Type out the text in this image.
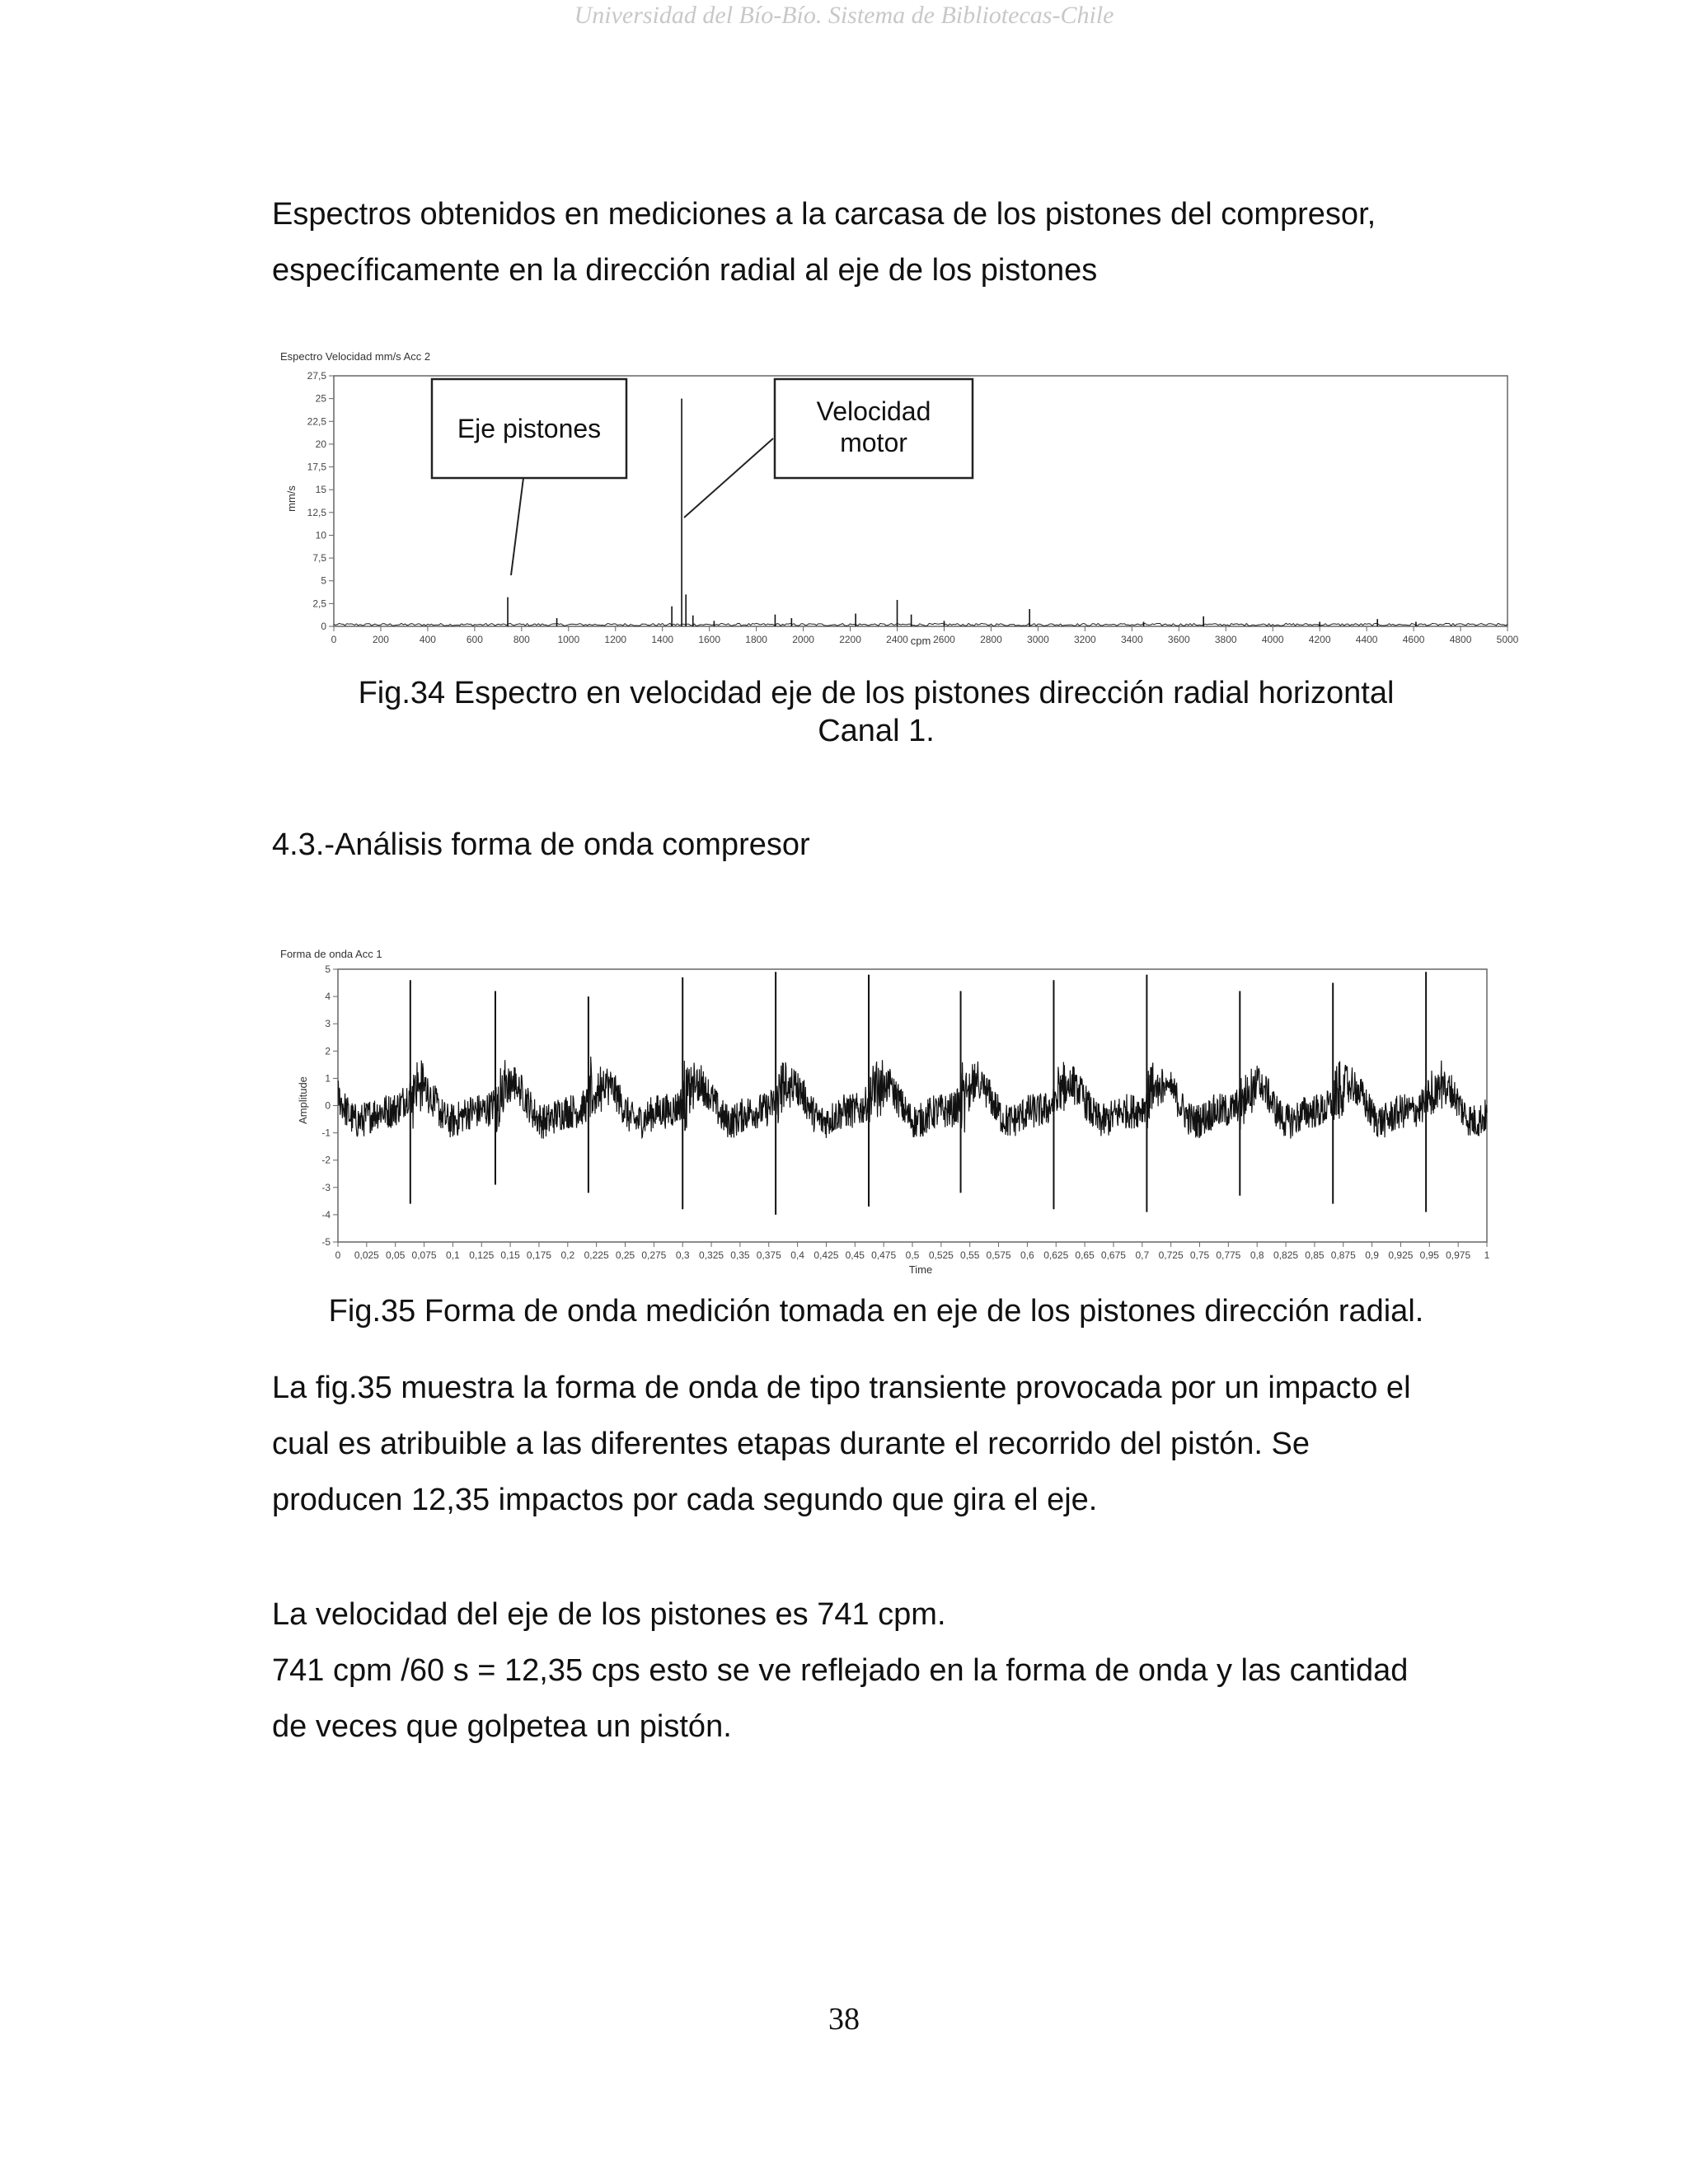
Universidad del Bío-Bío. Sistema de Bibliotecas-Chile

Espectros obtenidos en mediciones a la carcasa de los pistones del compresor,
específicamente en la dirección radial al eje de los pistones

Espectro Velocidad mm/s Acc 2
mm/s
cpm
0
2,5
5
7,5
10
12,5
15
17,5
20
22,5
25
27,5
0	200	400	600	800	1000	1200	1400	1600	1800	2000	2200	2400	2600	2800	3000	3200	3400	3600	3800	4000	4200	4400	4600	4800	5000
Eje pistones
Velocidad
motor

Fig.34 Espectro en velocidad eje de los pistones dirección radial horizontal
Canal 1.

4.3.-Análisis forma de onda compresor

Forma de onda Acc 1
Amplitude
Time
-5
-4
-3
-2
-1
0
1
2
3
4
5
0 0,025 0,05 0,075 0,1 0,125 0,15 0,175 0,2 0,225 0,25 0,275 0,3 0,325 0,35 0,375 0,4 0,425 0,45 0,475 0,5 0,525 0,55 0,575 0,6 0,625 0,65 0,675 0,7 0,725 0,75 0,775 0,8 0,825 0,85 0,875 0,9 0,925 0,95 0,975 1

Fig.35 Forma de onda medición tomada en eje de los pistones dirección radial.

La fig.35 muestra la forma de onda de tipo transiente provocada por un impacto el
cual es atribuible a las diferentes etapas durante el recorrido del pistón. Se
producen 12,35 impactos por cada segundo que gira el eje.

La velocidad del eje de los pistones es 741 cpm.
741 cpm /60 s = 12,35 cps esto se ve reflejado en la forma de onda y las cantidad
de veces que golpetea un pistón.

38
